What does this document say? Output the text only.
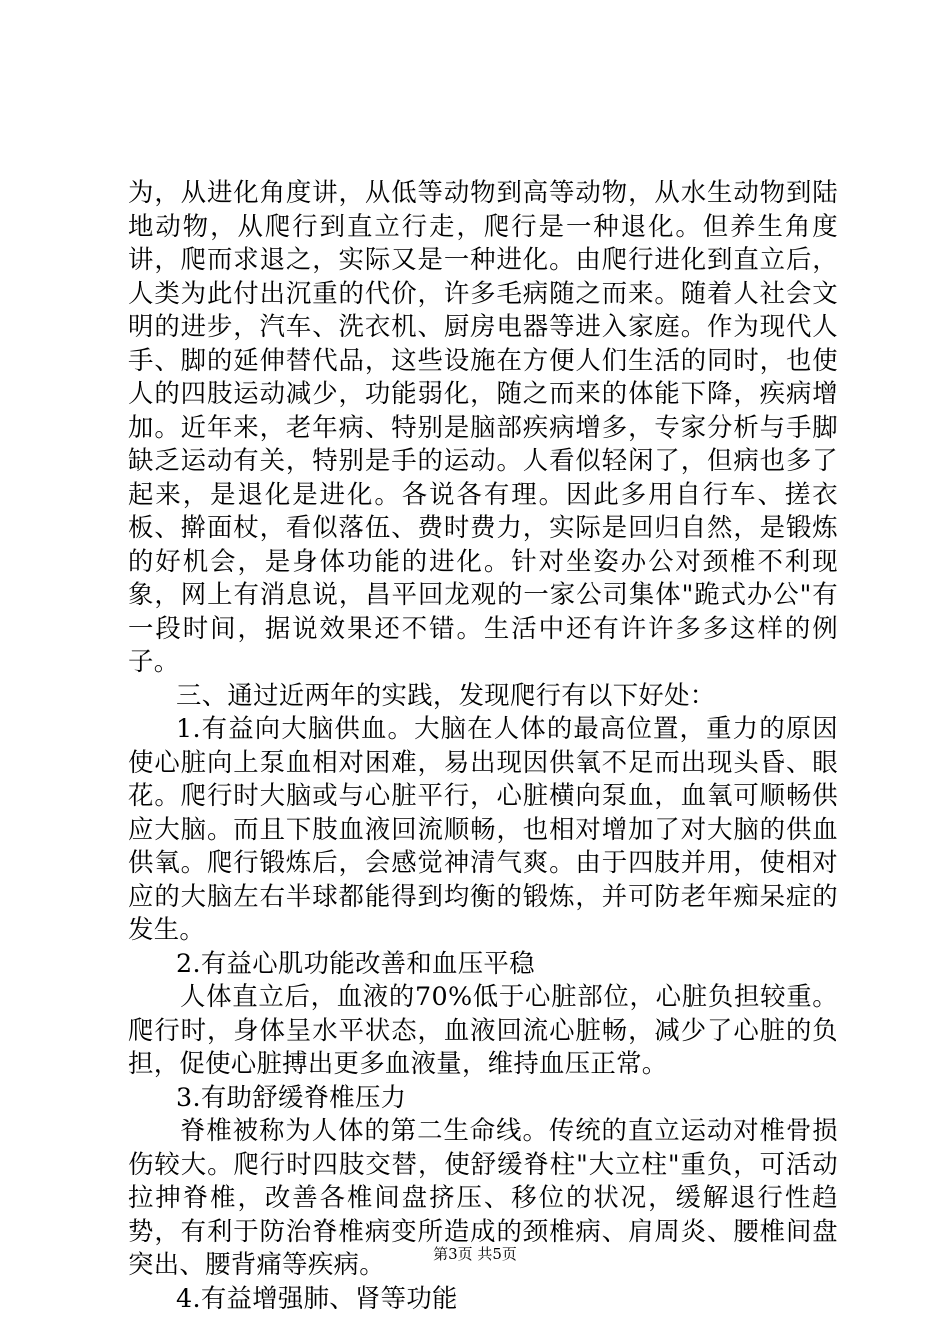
为，从进化角度讲，从低等动物到高等动物，从水生动物到陆地动物，从爬行到直立行走，爬行是一种退化。但养生角度讲，爬而求退之，实际又是一种进化。由爬行进化到直立后，人类为此付出沉重的代价，许多毛病随之而来。随着人社会文明的进步，汽车、洗衣机、厨房电器等进入家庭。作为现代人手、脚的延伸替代品，这些设施在方便人们生活的同时，也使人的四肢运动减少，功能弱化，随之而来的体能下降，疾病增加。近年来，老年病、特别是脑部疾病增多，专家分析与手脚缺乏运动有关，特别是手的运动。人看似轻闲了，但病也多了起来，是退化是进化。各说各有理。因此多用自行车、搓衣板、擀面杖，看似落伍、费时费力，实际是回归自然，是锻炼的好机会，是身体功能的进化。针对坐姿办公对颈椎不利现象，网上有消息说，昌平回龙观的一家公司集体"跪式办公"有一段时间，据说效果还不错。生活中还有许许多多这样的例子。

三、通过近两年的实践，发现爬行有以下好处：

1.有益向大脑供血。大脑在人体的最高位置，重力的原因使心脏向上泵血相对困难，易出现因供氧不足而出现头昏、眼花。爬行时大脑或与心脏平行，心脏横向泵血，血氧可顺畅供应大脑。而且下肢血液回流顺畅，也相对增加了对大脑的供血供氧。爬行锻炼后，会感觉神清气爽。由于四肢并用，使相对应的大脑左右半球都能得到均衡的锻炼，并可防老年痴呆症的发生。

2.有益心肌功能改善和血压平稳

人体直立后，血液的70%低于心脏部位，心脏负担较重。爬行时，身体呈水平状态，血液回流心脏畅，减少了心脏的负担，促使心脏搏出更多血液量，维持血压正常。

3.有助舒缓脊椎压力

脊椎被称为人体的第二生命线。传统的直立运动对椎骨损伤较大。爬行时四肢交替，使舒缓脊柱"大立柱"重负，可活动拉抻脊椎，改善各椎间盘挤压、移位的状况，缓解退行性趋势，有利于防治脊椎病变所造成的颈椎病、肩周炎、腰椎间盘突出、腰背痛等疾病。

4.有益增强肺、肾等功能

第3页 共5页
